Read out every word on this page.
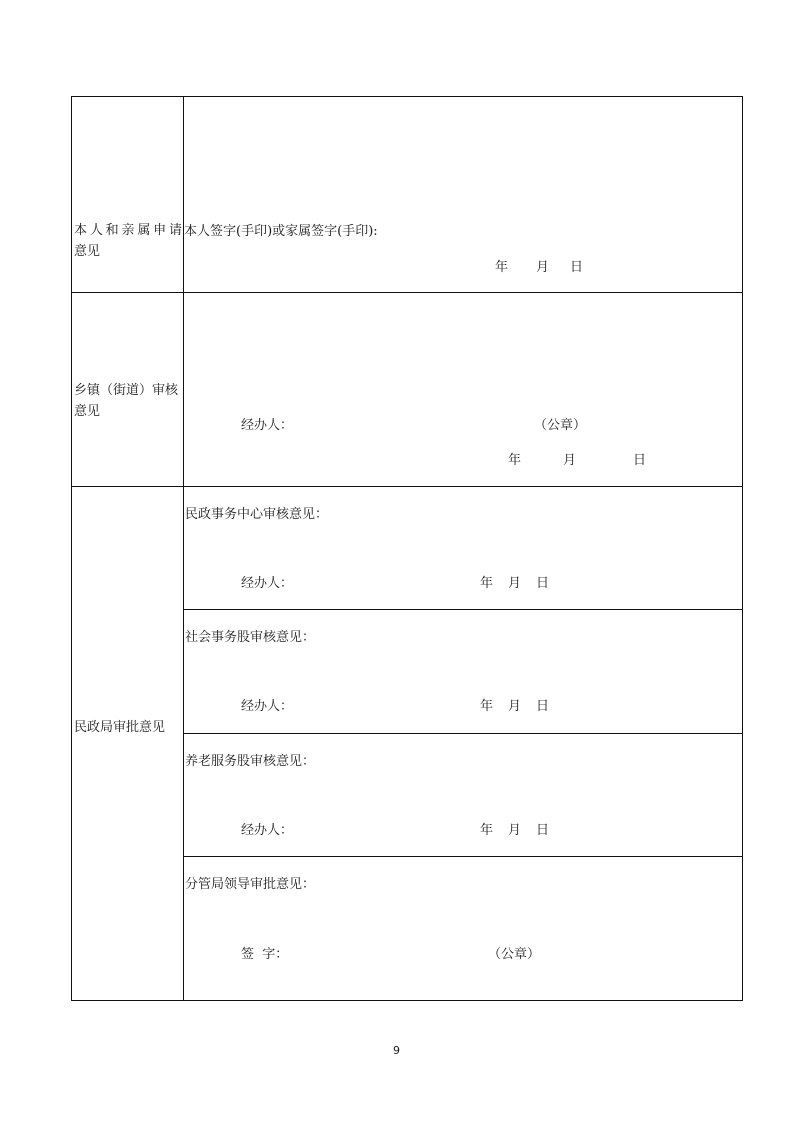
本人和亲属申请
意见
本人签字(手印)或家属签字(手印):
年 月 日
乡镇（街道）审核
意见
经办人：	（公章）
年	月	日
民政局审批意见
民政事务中心审核意见：
经办人：	年 月 日
社会事务股审核意见：
经办人：	年 月 日
养老服务股审核意见：
经办人：	年 月 日
分管局领导审批意见：
签  字：	（公章）
9
